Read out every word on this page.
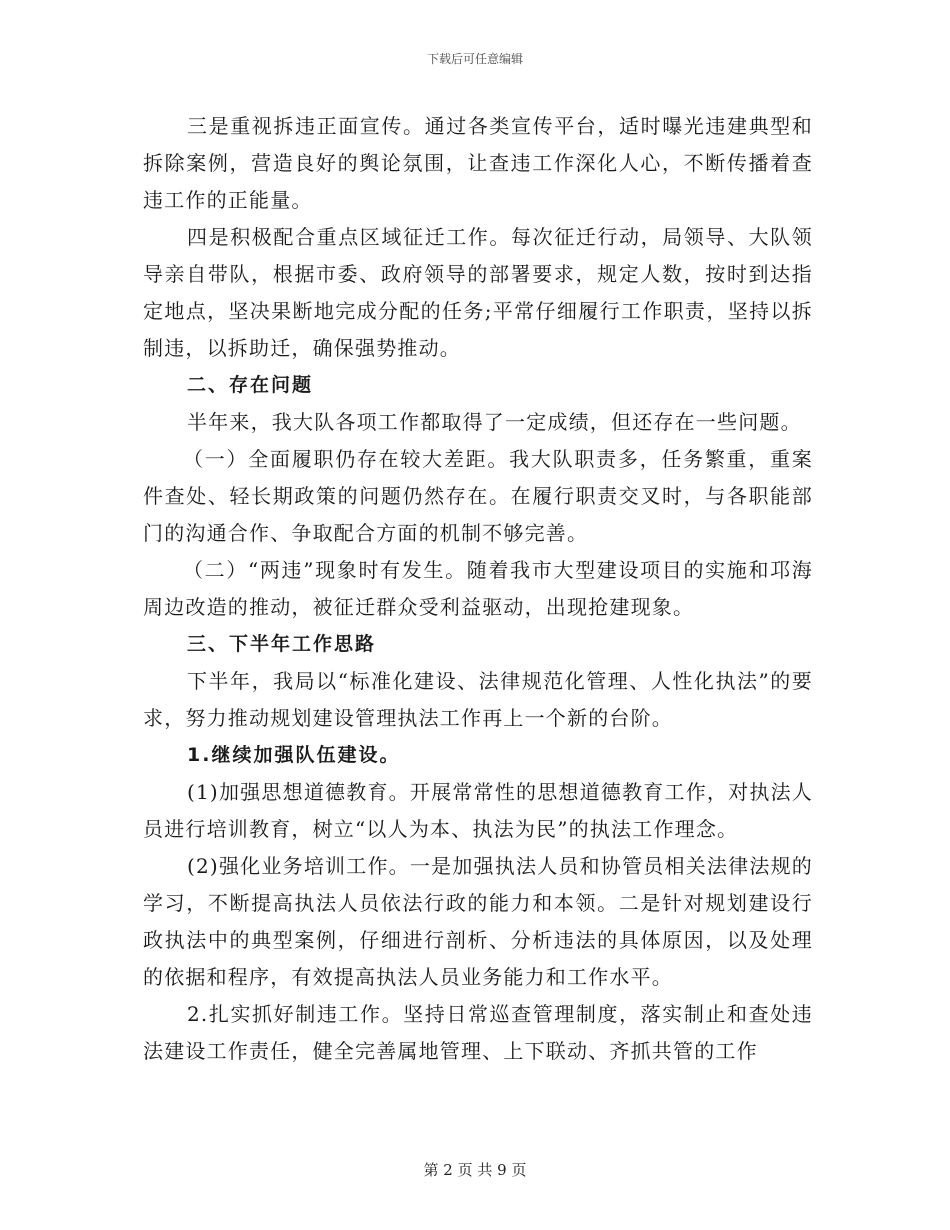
下载后可任意编辑

三是重视拆违正面宣传。通过各类宣传平台，适时曝光违建典型和拆除案例，营造良好的舆论氛围，让查违工作深化人心，不断传播着查违工作的正能量。

四是积极配合重点区域征迁工作。每次征迁行动，局领导、大队领导亲自带队，根据市委、政府领导的部署要求，规定人数，按时到达指定地点，坚决果断地完成分配的任务;平常仔细履行工作职责，坚持以拆制违，以拆助迁，确保强势推动。

二、存在问题

半年来，我大队各项工作都取得了一定成绩，但还存在一些问题。

（一）全面履职仍存在较大差距。我大队职责多，任务繁重，重案件查处、轻长期政策的问题仍然存在。在履行职责交叉时，与各职能部门的沟通合作、争取配合方面的机制不够完善。

（二）“两违”现象时有发生。随着我市大型建设项目的实施和邛海周边改造的推动，被征迁群众受利益驱动，出现抢建现象。

三、下半年工作思路

下半年，我局以“标准化建设、法律规范化管理、人性化执法”的要求，努力推动规划建设管理执法工作再上一个新的台阶。

1.继续加强队伍建设。

(1)加强思想道德教育。开展常常性的思想道德教育工作，对执法人员进行培训教育，树立“以人为本、执法为民”的执法工作理念。

(2)强化业务培训工作。一是加强执法人员和协管员相关法律法规的学习，不断提高执法人员依法行政的能力和本领。二是针对规划建设行政执法中的典型案例，仔细进行剖析、分析违法的具体原因，以及处理的依据和程序，有效提高执法人员业务能力和工作水平。

2.扎实抓好制违工作。坚持日常巡查管理制度，落实制止和查处违法建设工作责任，健全完善属地管理、上下联动、齐抓共管的工作

第 2 页 共 9 页
